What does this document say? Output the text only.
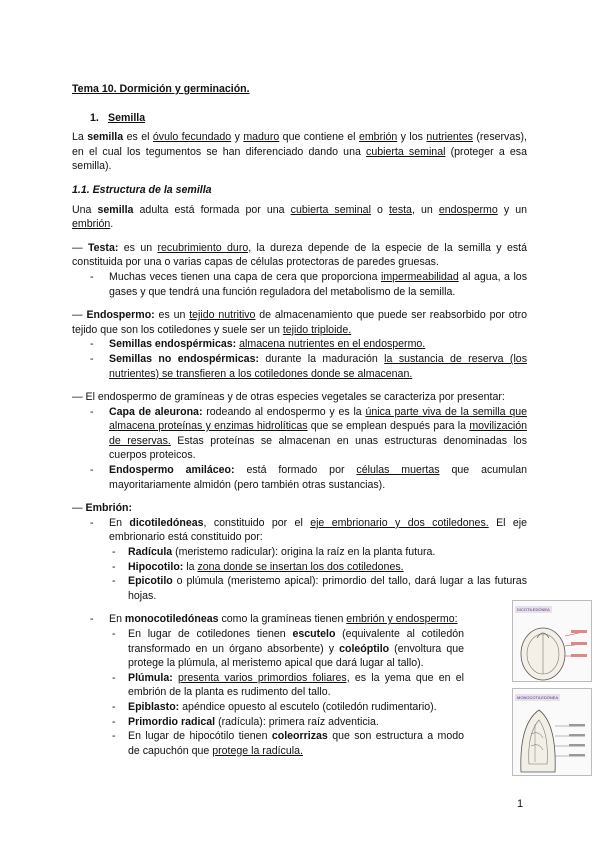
Tema 10. Dormición y germinación.
1. Semilla

La semilla es el óvulo fecundado y maduro que contiene el embrión y los nutrientes (reservas), en el cual los tegumentos se han diferenciado dando una cubierta seminal (proteger a esa semilla).

1.1. Estructura de la semilla

Una semilla adulta está formada por una cubierta seminal o testa, un endospermo y un embrión.

— Testa: es un recubrimiento duro, la dureza depende de la especie de la semilla y está constituida por una o varias capas de células protectoras de paredes gruesas.

- Muchas veces tienen una capa de cera que proporciona impermeabilidad al agua, a los gases y que tendrá una función reguladora del metabolismo de la semilla.

— Endospermo: es un tejido nutritivo de almacenamiento que puede ser reabsorbido por otro tejido que son los cotiledones y suele ser un tejido triploide.

- Semillas endospérmicas: almacena nutrientes en el endospermo.
- Semillas no endospérmicas: durante la maduración la sustancia de reserva (los nutrientes) se transfieren a los cotiledones donde se almacenan.

— El endospermo de gramíneas y de otras especies vegetales se caracteriza por presentar:

- Capa de aleurona: rodeando al endospermo y es la única parte viva de la semilla que almacena proteínas y enzimas hidrolíticas que se emplean después para la movilización de reservas. Estas proteínas se almacenan en unas estructuras denominadas los cuerpos proteicos.
- Endospermo amiláceo: está formado por células muertas que acumulan mayoritariamente almidón (pero también otras sustancias).

— Embrión:

- En dicotiledóneas, constituido por el eje embrionario y dos cotiledones. El eje embrionario está constituido por:
- Radícula (meristemo radicular): origina la raíz en la planta futura.
- Hipocotilo: la zona donde se insertan los dos cotiledones.
- Epicotilo o plúmula (meristemo apical): primordio del tallo, dará lugar a las futuras hojas.
- En monocotiledóneas como la gramíneas tienen embrión y endospermo:
- En lugar de cotiledones tienen escutelo (equivalente al cotiledón transformado en un órgano absorbente) y coleóptilo (envoltura que protege la plúmula, al meristemo apical que dará lugar al tallo).
- Plúmula: presenta varios primordios foliares, es la yema que en el embrión de la planta es rudimento del tallo.
- Epiblasto: apéndice opuesto al escutelo (cotiledón rudimentario).
- Primordio radical (radícula): primera raíz adventicia.
- En lugar de hipocótilo tienen coleorrizas que son estructura a modo de capuchón que protege la radícula.
DICOTILEDÓNEA
MONOCOTILEDÓNEA
1
